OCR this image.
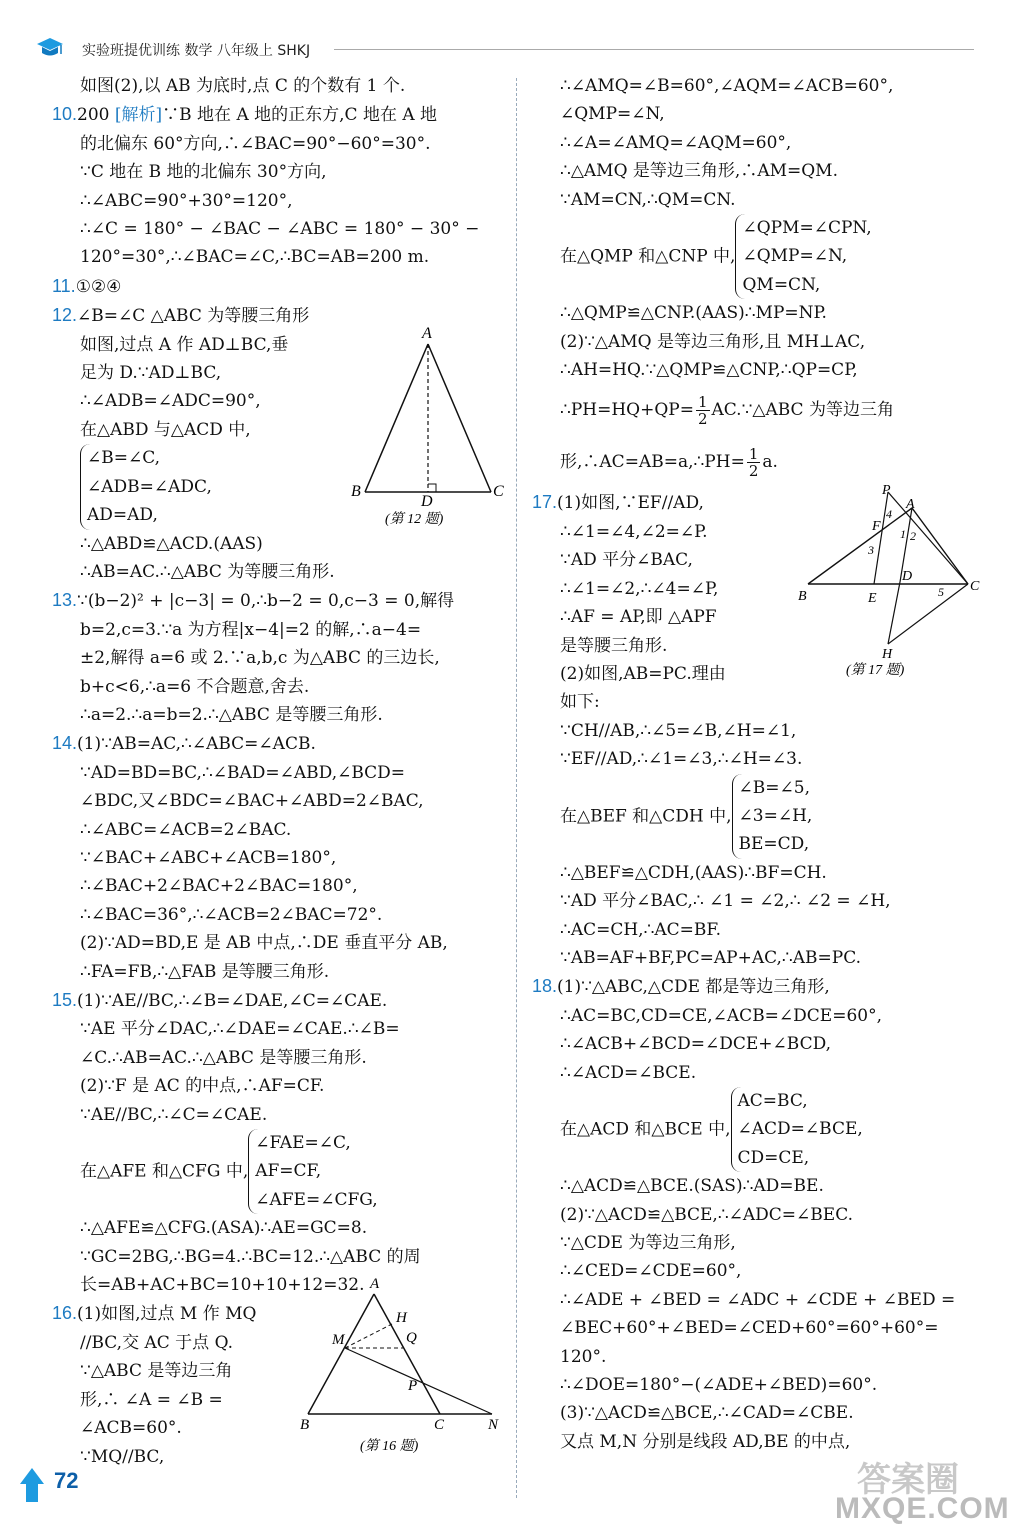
实验班提优训练 数学 八年级上 SHKJ
如图(2),以 AB 为底时,点 C 的个数有 1 个.
10.200 [解析]∵B 地在 A 地的正东方,C 地在 A 地
的北偏东 60°方向,∴∠BAC=90°−60°=30°.
∵C 地在 B 地的北偏东 30°方向,
∴∠ABC=90°+30°=120°,
∴∠C = 180° − ∠BAC − ∠ABC = 180° − 30° −
120°=30°,∴∠BAC=∠C,∴BC=AB=200 m.
11.①②④
12.∠B=∠C △ABC 为等腰三角形
如图,过点 A 作 AD⊥BC,垂
足为 D.∵AD⊥BC,
∴∠ADB=∠ADC=90°,
在△ABD 与△ACD 中,
∠B=∠C,
∠ADB=∠ADC,
AD=AD,
∴△ABD≌△ACD.(AAS)
∴AB=AC.∴△ABC 为等腰三角形.
13.∵(b−2)² + |c−3| = 0,∴b−2 = 0,c−3 = 0,解得
b=2,c=3.∵a 为方程|x−4|=2 的解,∴a−4=
±2,解得 a=6 或 2.∵a,b,c 为△ABC 的三边长,
b+c<6,∴a=6 不合题意,舍去.
∴a=2.∴a=b=2.∴△ABC 是等腰三角形.
14.(1)∵AB=AC,∴∠ABC=∠ACB.
∵AD=BD=BC,∴∠BAD=∠ABD,∠BCD=
∠BDC,又∠BDC=∠BAC+∠ABD=2∠BAC,
∴∠ABC=∠ACB=2∠BAC.
∵∠BAC+∠ABC+∠ACB=180°,
∴∠BAC+2∠BAC+2∠BAC=180°,
∴∠BAC=36°,∴∠ACB=2∠BAC=72°.
(2)∵AD=BD,E 是 AB 中点,∴DE 垂直平分 AB,
∴FA=FB,∴△FAB 是等腰三角形.
15.(1)∵AE//BC,∴∠B=∠DAE,∠C=∠CAE.
∵AE 平分∠DAC,∴∠DAE=∠CAE.∴∠B=
∠C.∴AB=AC.∴△ABC 是等腰三角形.
(2)∵F 是 AC 的中点,∴AF=CF.
∵AE//BC,∴∠C=∠CAE.
在△AFE 和△CFG 中,
∠FAE=∠C,
AF=CF,
∠AFE=∠CFG,
∴△AFE≌△CFG.(ASA)∴AE=GC=8.
∵GC=2BG,∴BG=4.∴BC=12.∴△ABC 的周
长=AB+AC+BC=10+10+12=32.
16.(1)如图,过点 M 作 MQ
//BC,交 AC 于点 Q.
∵△ABC 是等边三角
形,∴ ∠A = ∠B =
∠ACB=60°.
∵MQ//BC,
A
B
D
C
(第 12 题)
A
H
M	Q
P
B	C	N
(第 16 题)
∴∠AMQ=∠B=60°,∠AQM=∠ACB=60°,
∠QMP=∠N,
∴∠A=∠AMQ=∠AQM=60°,
∴△AMQ 是等边三角形,∴AM=QM.
∵AM=CN,∴QM=CN.
在△QMP 和△CNP 中,
∠QPM=∠CPN,
∠QMP=∠N,
QM=CN,
∴△QMP≌△CNP.(AAS)∴MP=NP.
(2)∵△AMQ 是等边三角形,且 MH⊥AC,
∴AH=HQ.∵△QMP≌△CNP,∴QP=CP,
∴PH=HQ+QP= $\frac{1}{2}$ AC.∵△ABC 为等边三角
形,∴AC=AB=a,∴PH= $\frac{1}{2} a$.
17.(1)如图,∵EF//AD,
∴∠1=∠4,∠2=∠P.
∵AD 平分∠BAC,
∴∠1=∠2,∴∠4=∠P,
∴AF = AP,即 △APF
是等腰三角形.
(2)如图,AB=PC.理由
如下:
∵CH//AB,∴∠5=∠B,∠H=∠1,
∵EF//AD,∴∠1=∠3,∴∠H=∠3.
在△BEF 和△CDH 中,
∠B=∠5,
∠3=∠H,
BE=CD,
∴△BEF≌△CDH,(AAS)∴BF=CH.
∵AD 平分∠BAC,∴ ∠1 = ∠2,∴ ∠2 = ∠H,
∴AC=CH,∴AC=BF.
∵AB=AF+BF,PC=AP+AC,∴AB=PC.
18.(1)∵△ABC,△CDE 都是等边三角形,
∴AC=BC,CD=CE,∠ACB=∠DCE=60°,
∴∠ACB+∠BCD=∠DCE+∠BCD,
∴∠ACD=∠BCE.
在△ACD 和△BCE 中,
AC=BC,
∠ACD=∠BCE,
CD=CE,
∴△ACD≌△BCE.(SAS)∴AD=BE.
(2)∵△ACD≌△BCE,∴∠ADC=∠BEC.
∵△CDE 为等边三角形,
∴∠CED=∠CDE=60°,
∴∠ADE + ∠BED = ∠ADC + ∠CDE + ∠BED =
∠BEC+60°+∠BED=∠CED+60°=60°+60°=
120°.
∴∠DOE=180°−(∠ADE+∠BED)=60°.
(3)∵△ACD≌△BCE,∴∠CAD=∠CBE.
又点 M,N 分别是线段 AD,BE 的中点,
P
A
F
4
1 2
3
D
C
B	E	5
H
(第 17 题)
72	答案圈
MXQE.COM
